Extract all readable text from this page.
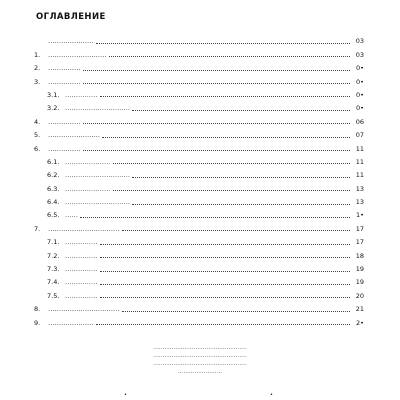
ОГЛАВЛЕНИЕ
…………………	03
1.	………………………	03
2.	……………	0•
3.	……………	0•
3.1. ……………	0•
3.2. …………………………	0•
4.	……………	06
5.	……………………	07
6.	……………	11
6.1. …………………	11
6.2. …………………………	11
6.3. …………………	13
6.4. …………………………	13
6.5. ……	1•
7.	……………………………	17
7.1. ……………	17
7.2. ……………	18
7.3. ……………	19
7.4. ……………	19
7.5. ……………	20
8.	……………………………	21
9.	…………………	2•
……………………………………………
……………………………………………
……………………………………………
……………………
•	•
